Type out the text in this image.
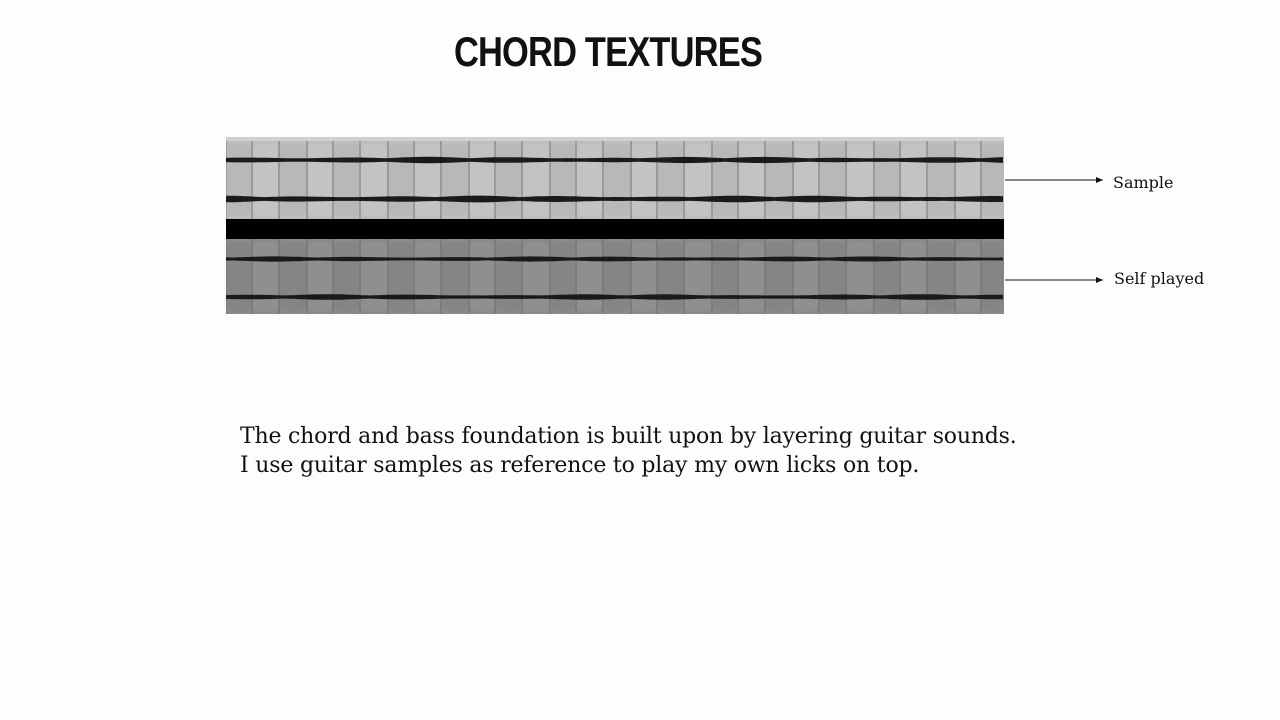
CHORD TEXTURES
Sample
Self played
The chord and bass foundation is built upon by layering guitar sounds.
I use guitar samples as reference to play my own licks on top.
